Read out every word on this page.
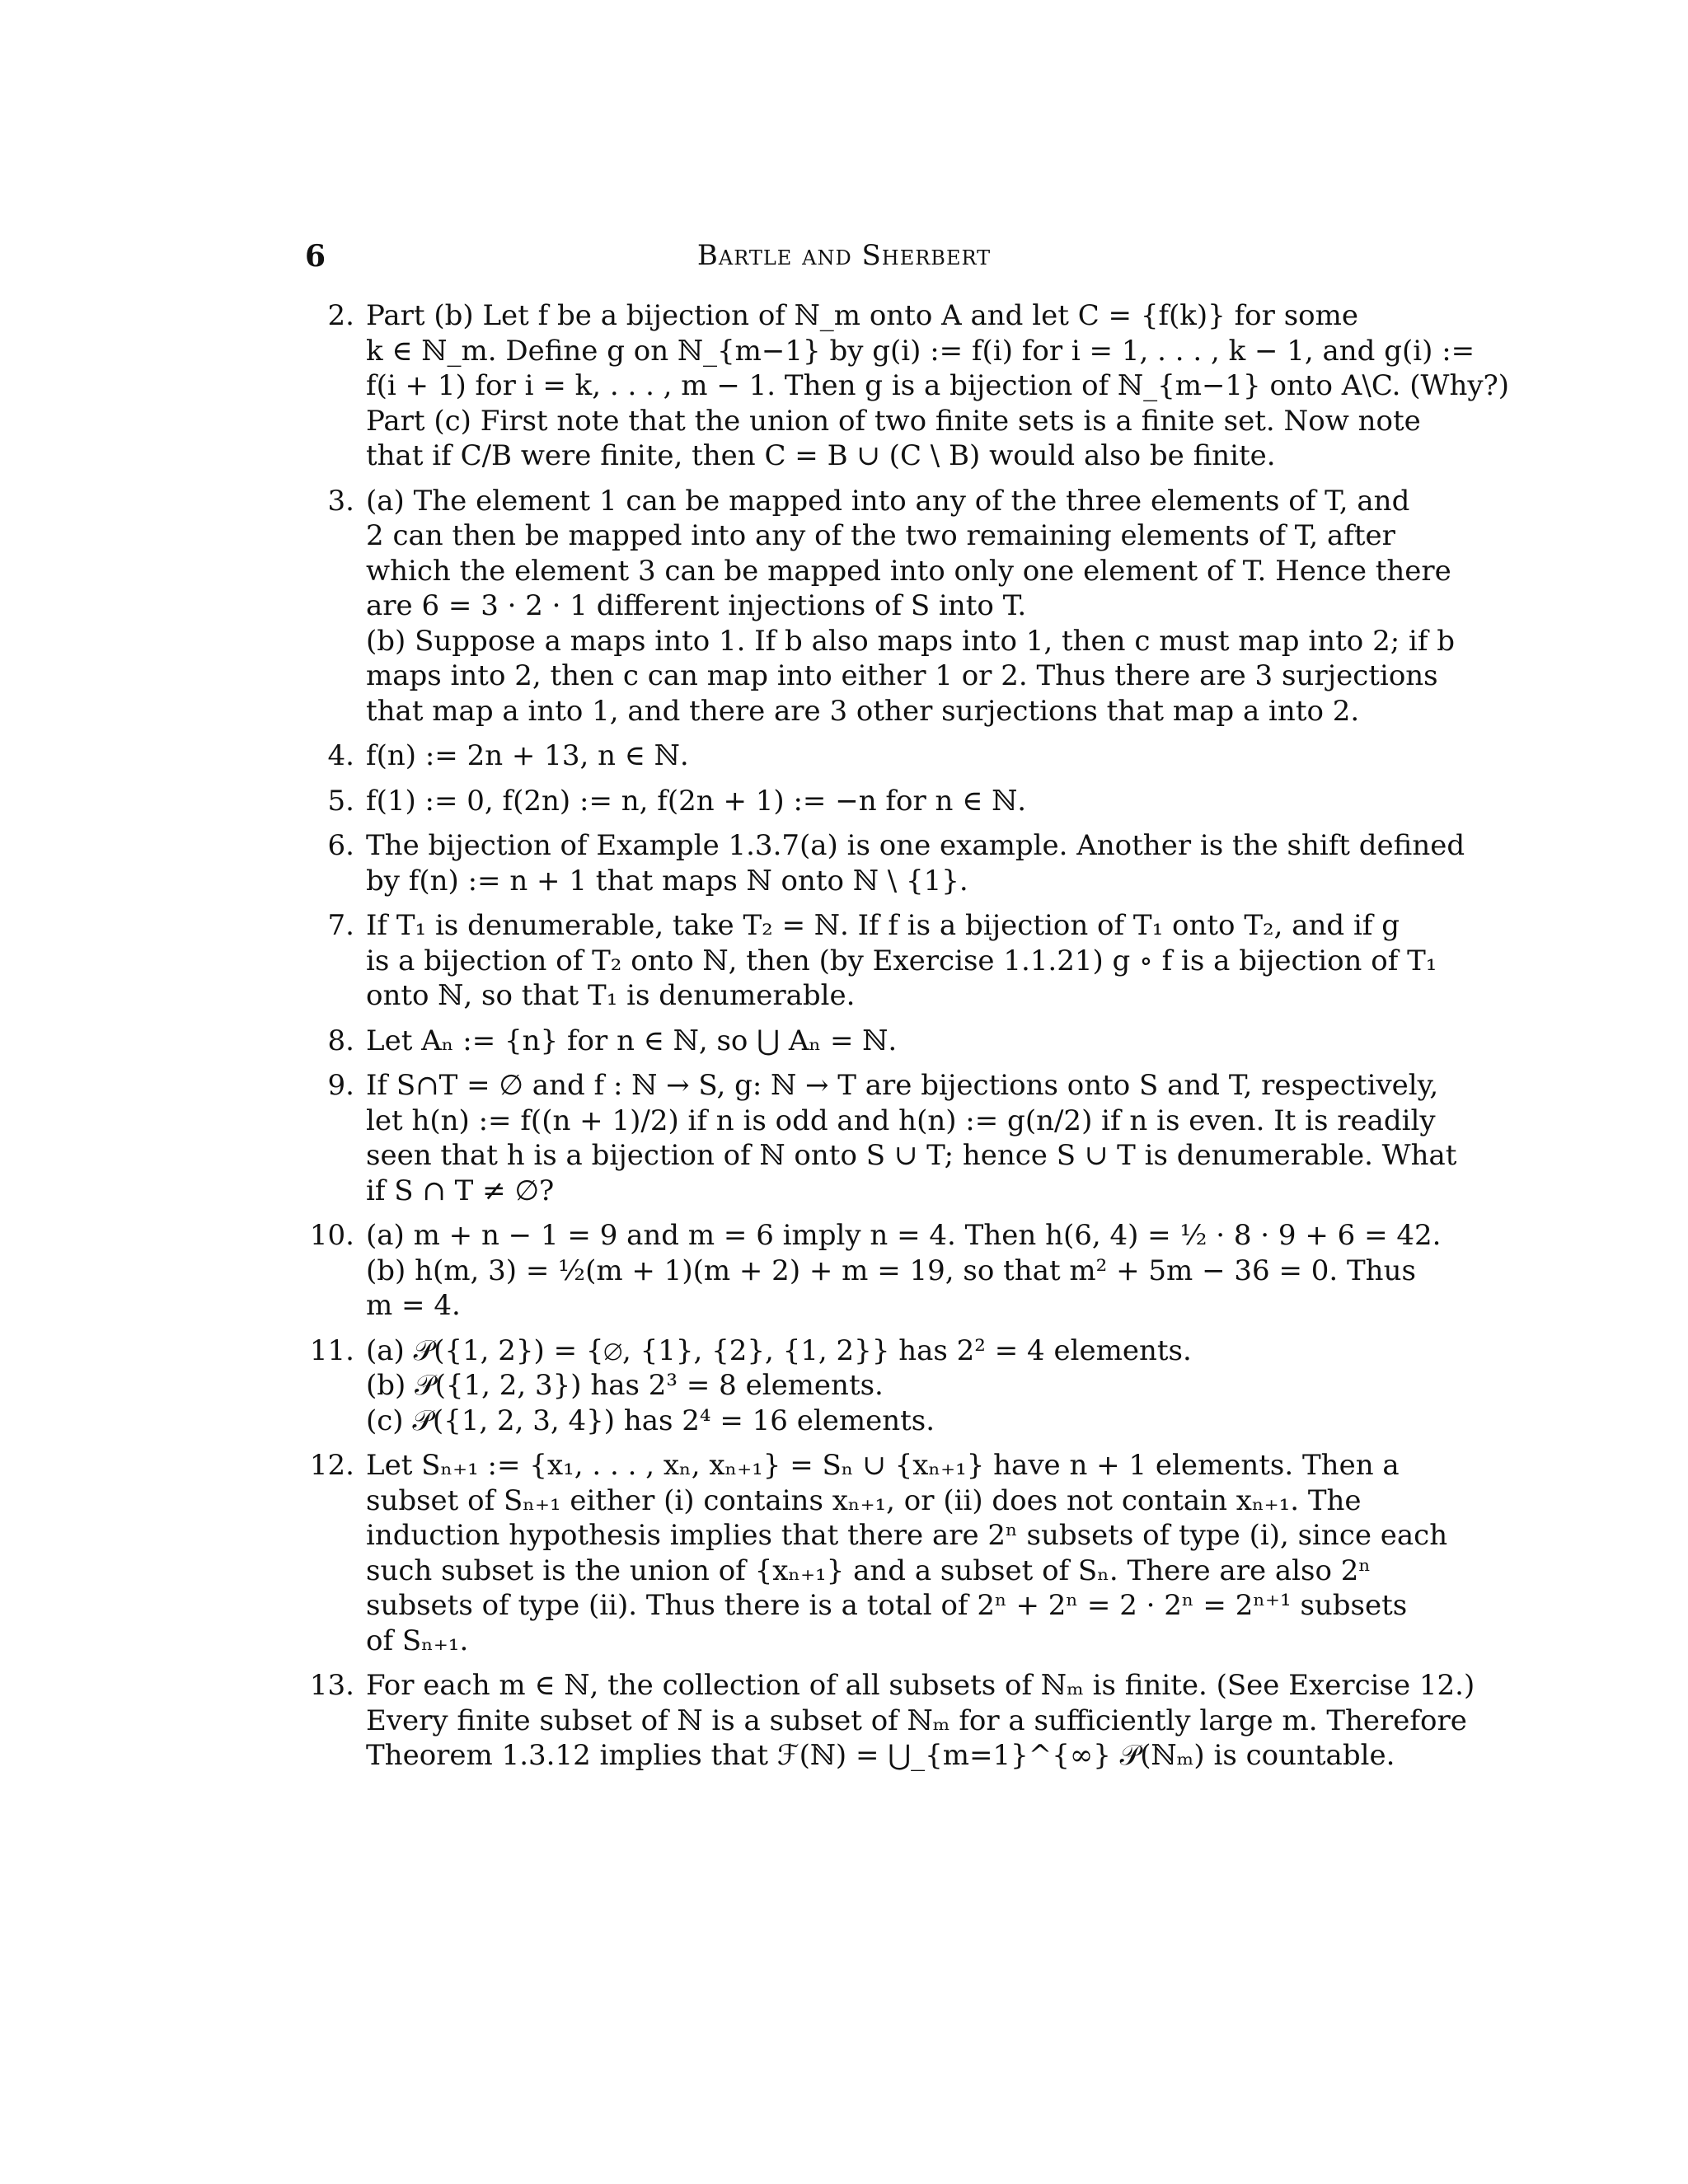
6	Bartle and Sherbert
2. Part (b) Let f be a bijection of ℕ_m onto A and let C = {f(k)} for some
k ∈ ℕ_m. Define g on ℕ_{m−1} by g(i) := f(i) for i = 1, . . . , k − 1, and g(i) :=
f(i + 1) for i = k, . . . , m − 1. Then g is a bijection of ℕ_{m−1} onto A\C. (Why?)
Part (c) First note that the union of two finite sets is a finite set. Now note
that if C/B were finite, then C = B ∪ (C \ B) would also be finite.
3. (a) The element 1 can be mapped into any of the three elements of T, and
2 can then be mapped into any of the two remaining elements of T, after
which the element 3 can be mapped into only one element of T. Hence there
are 6 = 3 · 2 · 1 different injections of S into T.
(b) Suppose a maps into 1. If b also maps into 1, then c must map into 2; if b
maps into 2, then c can map into either 1 or 2. Thus there are 3 surjections
that map a into 1, and there are 3 other surjections that map a into 2.
4. f(n) := 2n + 13, n ∈ ℕ.
5. f(1) := 0, f(2n) := n, f(2n + 1) := −n for n ∈ ℕ.
6. The bijection of Example 1.3.7(a) is one example. Another is the shift defined
by f(n) := n + 1 that maps ℕ onto ℕ \ {1}.
7. If T₁ is denumerable, take T₂ = ℕ. If f is a bijection of T₁ onto T₂, and if g
is a bijection of T₂ onto ℕ, then (by Exercise 1.1.21) g ∘ f is a bijection of T₁
onto ℕ, so that T₁ is denumerable.
8. Let Aₙ := {n} for n ∈ ℕ, so ⋃ Aₙ = ℕ.
9. If S∩T = ∅ and f : ℕ → S, g: ℕ → T are bijections onto S and T, respectively,
let h(n) := f((n + 1)/2) if n is odd and h(n) := g(n/2) if n is even. It is readily
seen that h is a bijection of ℕ onto S ∪ T; hence S ∪ T is denumerable. What
if S ∩ T ≠ ∅?
10. (a) m + n − 1 = 9 and m = 6 imply n = 4. Then h(6, 4) = ½ · 8 · 9 + 6 = 42.
(b) h(m, 3) = ½(m + 1)(m + 2) + m = 19, so that m² + 5m − 36 = 0. Thus
m = 4.
11. (a) 𝒫({1, 2}) = {∅, {1}, {2}, {1, 2}} has 2² = 4 elements.
(b) 𝒫({1, 2, 3}) has 2³ = 8 elements.
(c) 𝒫({1, 2, 3, 4}) has 2⁴ = 16 elements.
12. Let Sₙ₊₁ := {x₁, . . . , xₙ, xₙ₊₁} = Sₙ ∪ {xₙ₊₁} have n + 1 elements. Then a
subset of Sₙ₊₁ either (i) contains xₙ₊₁, or (ii) does not contain xₙ₊₁. The
induction hypothesis implies that there are 2ⁿ subsets of type (i), since each
such subset is the union of {xₙ₊₁} and a subset of Sₙ. There are also 2ⁿ
subsets of type (ii). Thus there is a total of 2ⁿ + 2ⁿ = 2 · 2ⁿ = 2ⁿ⁺¹ subsets
of Sₙ₊₁.
13. For each m ∈ ℕ, the collection of all subsets of ℕₘ is finite. (See Exercise 12.)
Every finite subset of ℕ is a subset of ℕₘ for a sufficiently large m. Therefore
Theorem 1.3.12 implies that ℱ(ℕ) = ⋃_{m=1}^{∞} 𝒫(ℕₘ) is countable.
